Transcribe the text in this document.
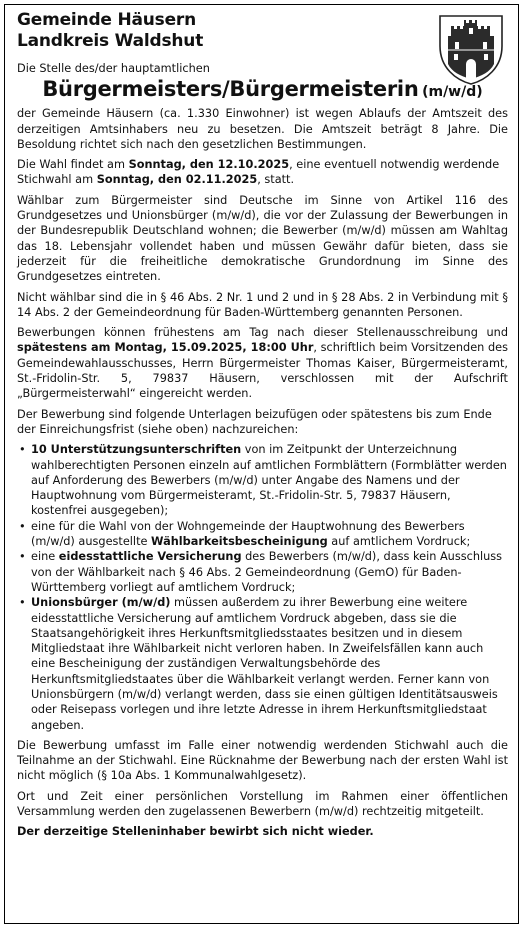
Gemeinde Häusern
Landkreis Waldshut
Die Stelle des/der hauptamtlichen
Bürgermeisters/Bürgermeisterin (m/w/d)

der Gemeinde Häusern (ca. 1.330 Einwohner) ist wegen Ablaufs der Amtszeit des derzeitigen Amtsinhabers neu zu besetzen. Die Amtszeit beträgt 8 Jahre. Die Besoldung richtet sich nach den gesetzlichen Bestimmungen.

Die Wahl findet am Sonntag, den 12.10.2025, eine eventuell notwendig werdende Stichwahl am Sonntag, den 02.11.2025, statt.

Wählbar zum Bürgermeister sind Deutsche im Sinne von Artikel 116 des Grundgesetzes und Unionsbürger (m/w/d), die vor der Zulassung der Bewerbungen in der Bundesrepublik Deutschland wohnen; die Bewerber (m/w/d) müssen am Wahltag das 18. Lebensjahr vollendet haben und müssen Gewähr dafür bieten, dass sie jederzeit für die freiheitliche demokratische Grundordnung im Sinne des Grundgesetzes eintreten.

Nicht wählbar sind die in § 46 Abs. 2 Nr. 1 und 2 und in § 28 Abs. 2 in Verbindung mit § 14 Abs. 2 der Gemeindeordnung für Baden-Württemberg genannten Personen.

Bewerbungen können frühestens am Tag nach dieser Stellenausschreibung und spätestens am Montag, 15.09.2025, 18:00 Uhr, schriftlich beim Vorsitzenden des Gemeindewahlausschusses, Herrn Bürgermeister Thomas Kaiser, Bürgermeisteramt, St.-Fridolin-Str. 5, 79837 Häusern, verschlossen mit der Aufschrift „Bürgermeisterwahl“ eingereicht werden.

Der Bewerbung sind folgende Unterlagen beizufügen oder spätestens bis zum Ende der Einreichungsfrist (siehe oben) nachzureichen:

• 10 Unterstützungsunterschriften von im Zeitpunkt der Unterzeichnung wahlberechtigten Personen einzeln auf amtlichen Formblättern (Formblätter werden auf Anforderung des Bewerbers (m/w/d) unter Angabe des Namens und der Hauptwohnung vom Bürgermeisteramt, St.-Fridolin-Str. 5, 79837 Häusern, kostenfrei ausgegeben);
• eine für die Wahl von der Wohngemeinde der Hauptwohnung des Bewerbers (m/w/d) ausgestellte Wählbarkeitsbescheinigung auf amtlichem Vordruck;
• eine eidesstattliche Versicherung des Bewerbers (m/w/d), dass kein Ausschluss von der Wählbarkeit nach § 46 Abs. 2 Gemeindeordnung (GemO) für Baden-Württemberg vorliegt auf amtlichem Vordruck;
• Unionsbürger (m/w/d) müssen außerdem zu ihrer Bewerbung eine weitere eidesstattliche Versicherung auf amtlichem Vordruck abgeben, dass sie die Staatsangehörigkeit ihres Herkunftsmitgliedsstaates besitzen und in diesem Mitgliedstaat ihre Wählbarkeit nicht verloren haben. In Zweifelsfällen kann auch eine Bescheinigung der zuständigen Verwaltungsbehörde des Herkunftsmitgliedstaates über die Wählbarkeit verlangt werden. Ferner kann von Unionsbürgern (m/w/d) verlangt werden, dass sie einen gültigen Identitätsausweis oder Reisepass vorlegen und ihre letzte Adresse in ihrem Herkunftsmitgliedstaat angeben.

Die Bewerbung umfasst im Falle einer notwendig werdenden Stichwahl auch die Teilnahme an der Stichwahl. Eine Rücknahme der Bewerbung nach der ersten Wahl ist nicht möglich (§ 10a Abs. 1 Kommunalwahlgesetz).

Ort und Zeit einer persönlichen Vorstellung im Rahmen einer öffentlichen Versammlung werden den zugelassenen Bewerbern (m/w/d) rechtzeitig mitgeteilt.

Der derzeitige Stelleninhaber bewirbt sich nicht wieder.
